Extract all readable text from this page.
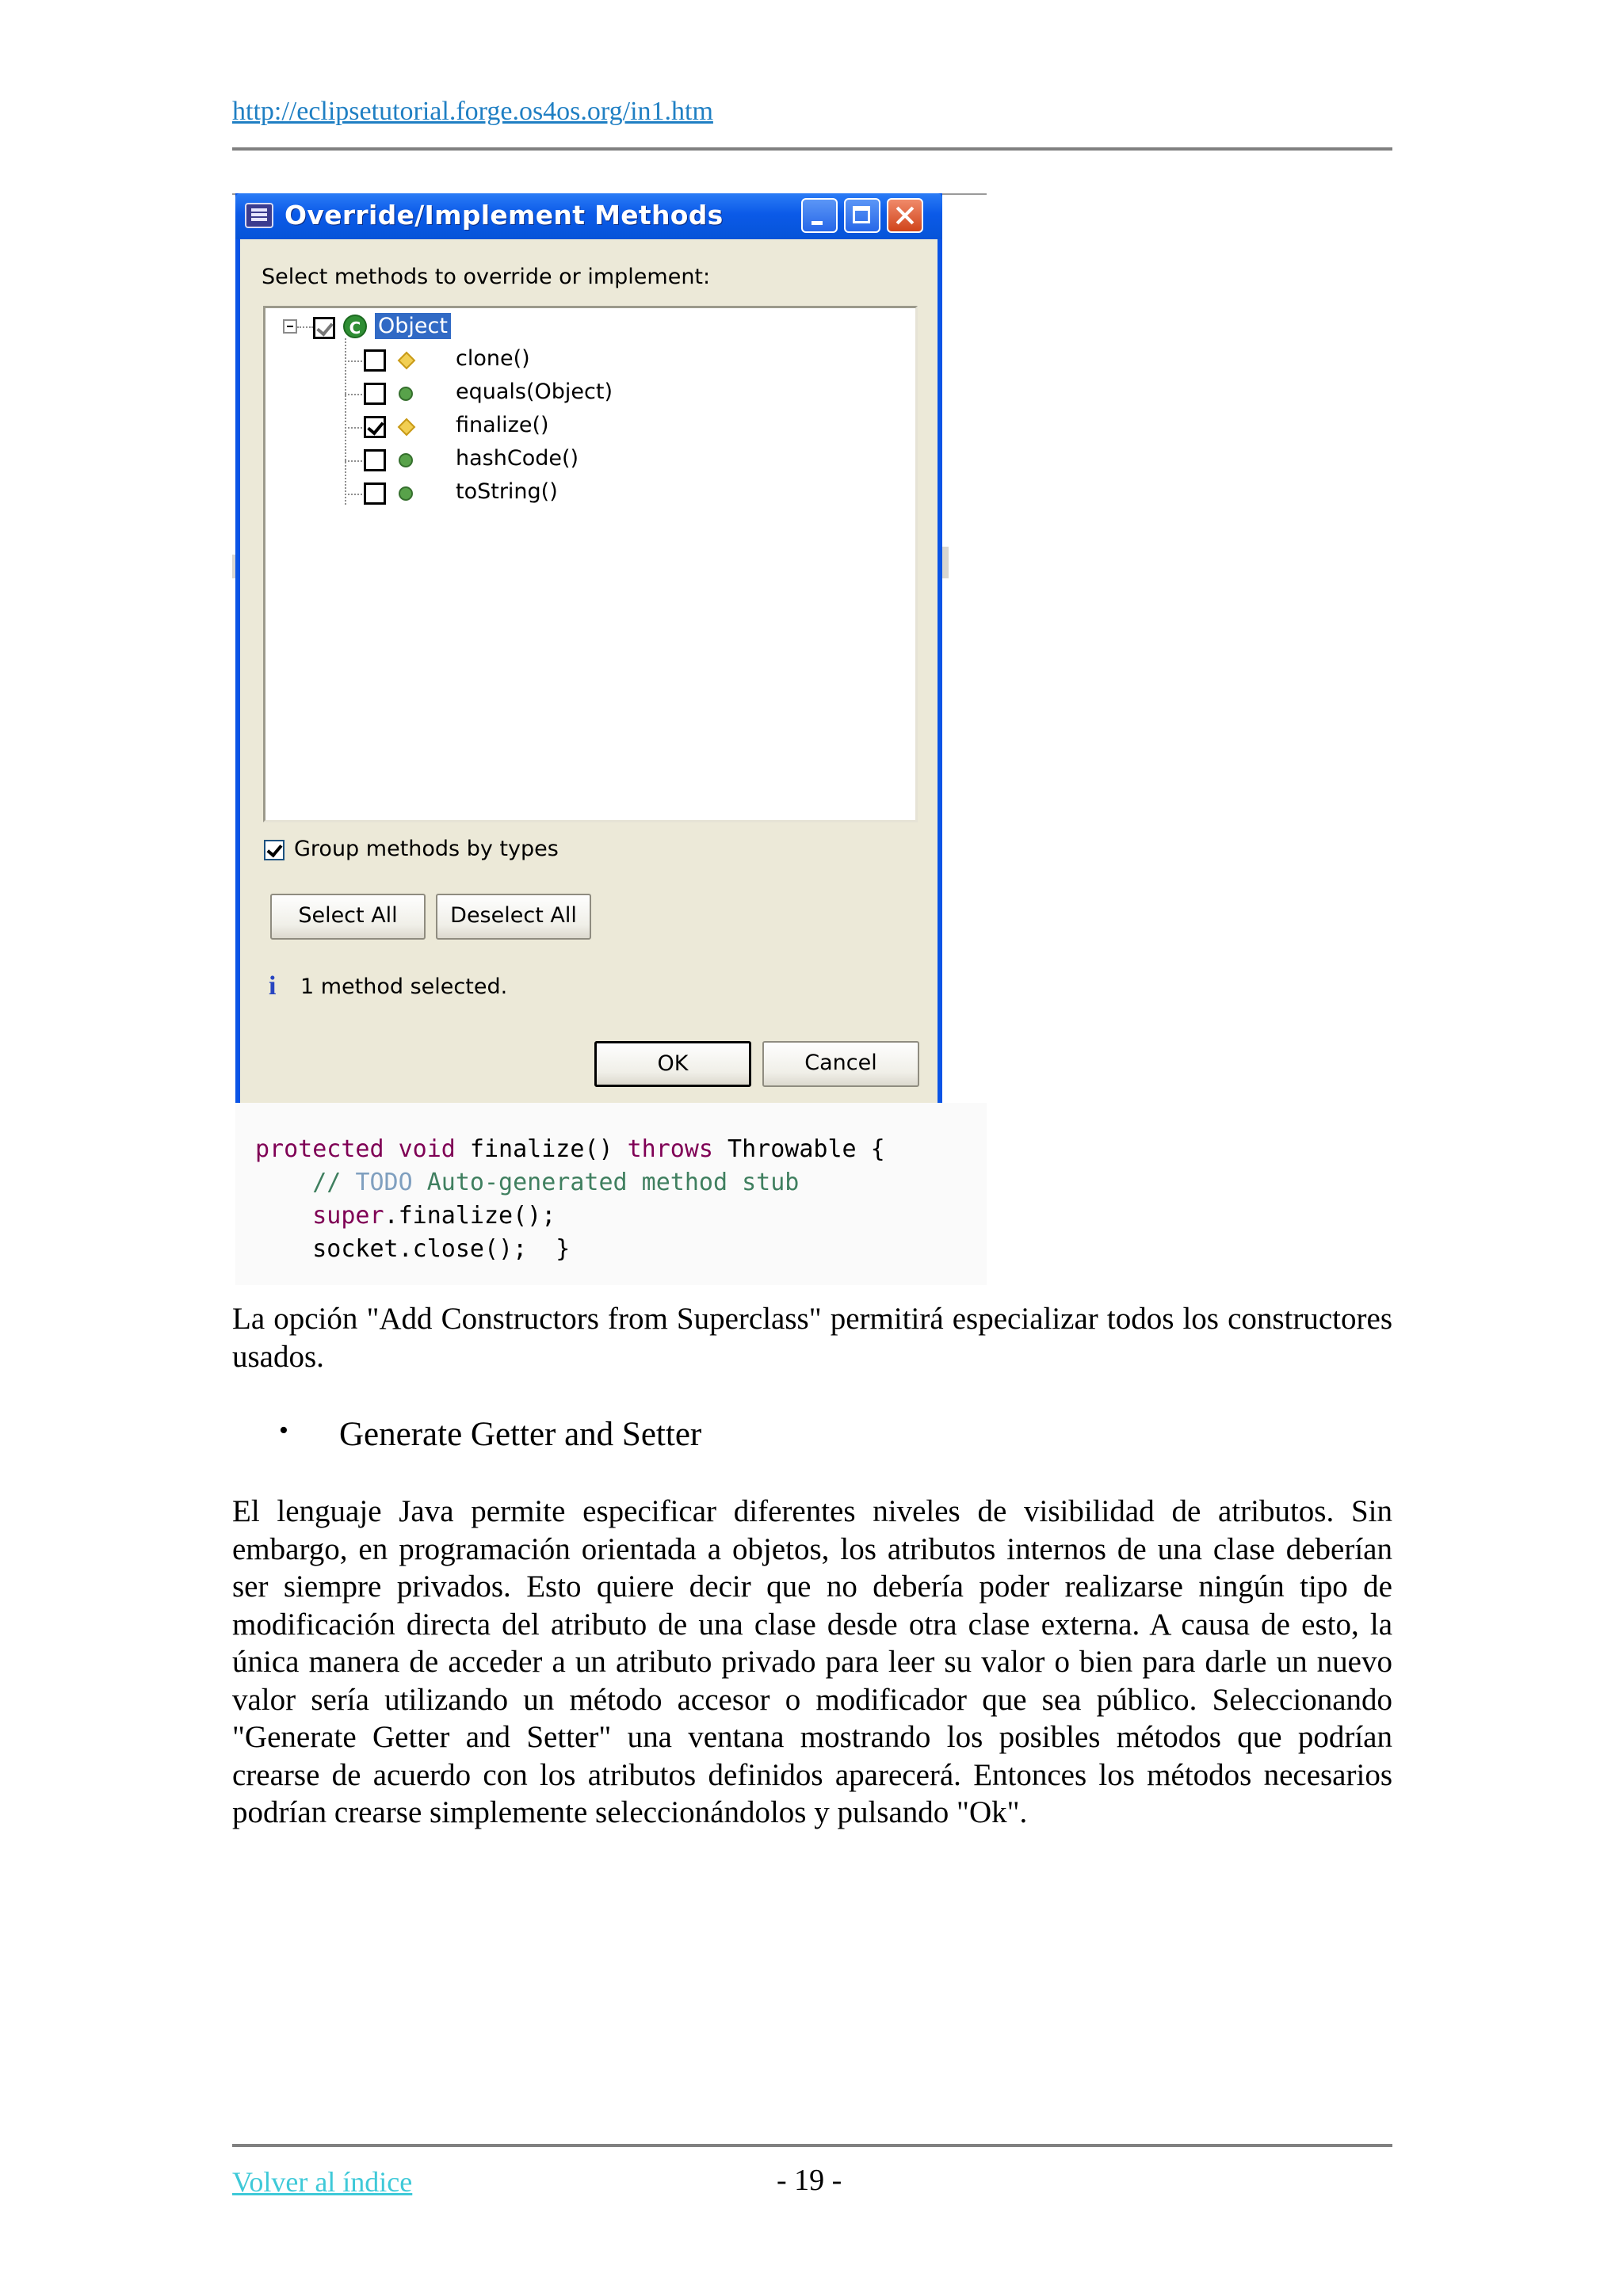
http://eclipsetutorial.forge.os4os.org/in1.htm
Override/Implement Methods
Select methods to override or implement:
C Object
clone()
equals(Object)
finalize()
hashCode()
toString()
Group methods by types
Select All	Deselect All
i 1 method selected.
OK	Cancel
protected void finalize() throws Throwable {
// TODO Auto-generated method stub
super.finalize();
socket.close();  }
La opción "Add Constructors from Superclass" permitirá especializar todos los constructores usados.
• Generate Getter and Setter
El lenguaje Java permite especificar diferentes niveles de visibilidad de atributos. Sin embargo, en programación orientada a objetos, los atributos internos de una clase deberían ser siempre privados. Esto quiere decir que no debería poder realizarse ningún tipo de modificación directa del atributo de una clase desde otra clase externa. A causa de esto, la única manera de acceder a un atributo privado para leer su valor o bien para darle un nuevo valor sería utilizando un método accesor o modificador que sea público. Seleccionando "Generate Getter and Setter" una ventana mostrando los posibles métodos que podrían crearse de acuerdo con los atributos definidos aparecerá. Entonces los métodos necesarios podrían crearse simplemente seleccionándolos y pulsando "Ok".
Volver al índice	- 19 -
